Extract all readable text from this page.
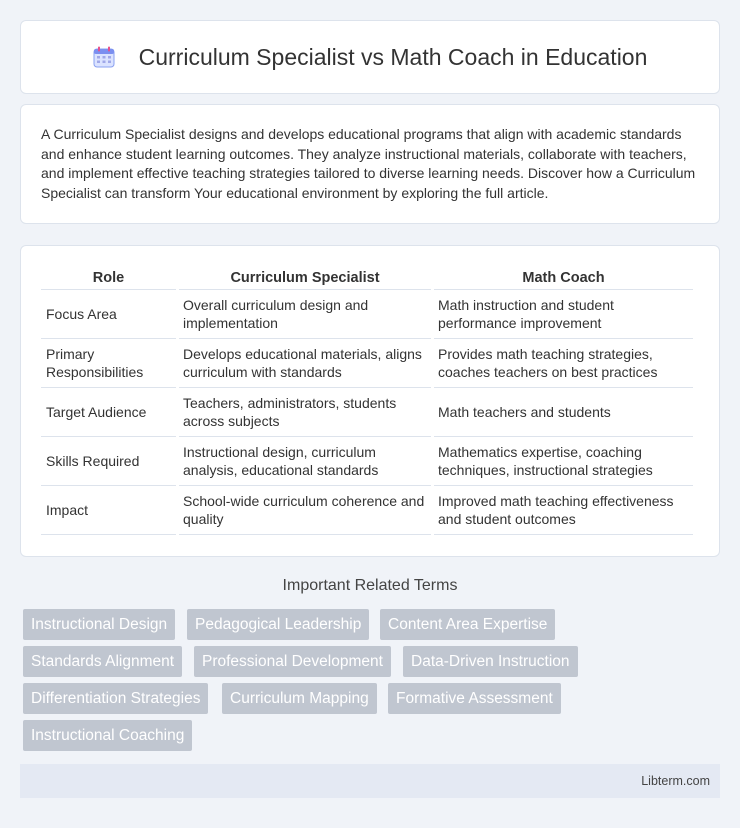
Curriculum Specialist vs Math Coach in Education

A Curriculum Specialist designs and develops educational programs that align with academic standards and enhance student learning outcomes. They analyze instructional materials, collaborate with teachers, and implement effective teaching strategies tailored to diverse learning needs. Discover how a Curriculum Specialist can transform Your educational environment by exploring the full article.

Role	Curriculum Specialist	Math Coach
Focus Area	Overall curriculum design and implementation	Math instruction and student performance improvement
Primary Responsibilities	Develops educational materials, aligns curriculum with standards	Provides math teaching strategies, coaches teachers on best practices
Target Audience	Teachers, administrators, students across subjects	Math teachers and students
Skills Required	Instructional design, curriculum analysis, educational standards	Mathematics expertise, coaching techniques, instructional strategies
Impact	School-wide curriculum coherence and quality	Improved math teaching effectiveness and student outcomes
Important Related Terms
Instructional Design	Pedagogical Leadership	Content Area Expertise
Standards Alignment	Professional Development	Data-Driven Instruction
Differentiation Strategies	Curriculum Mapping	Formative Assessment
Instructional Coaching
Libterm.com
